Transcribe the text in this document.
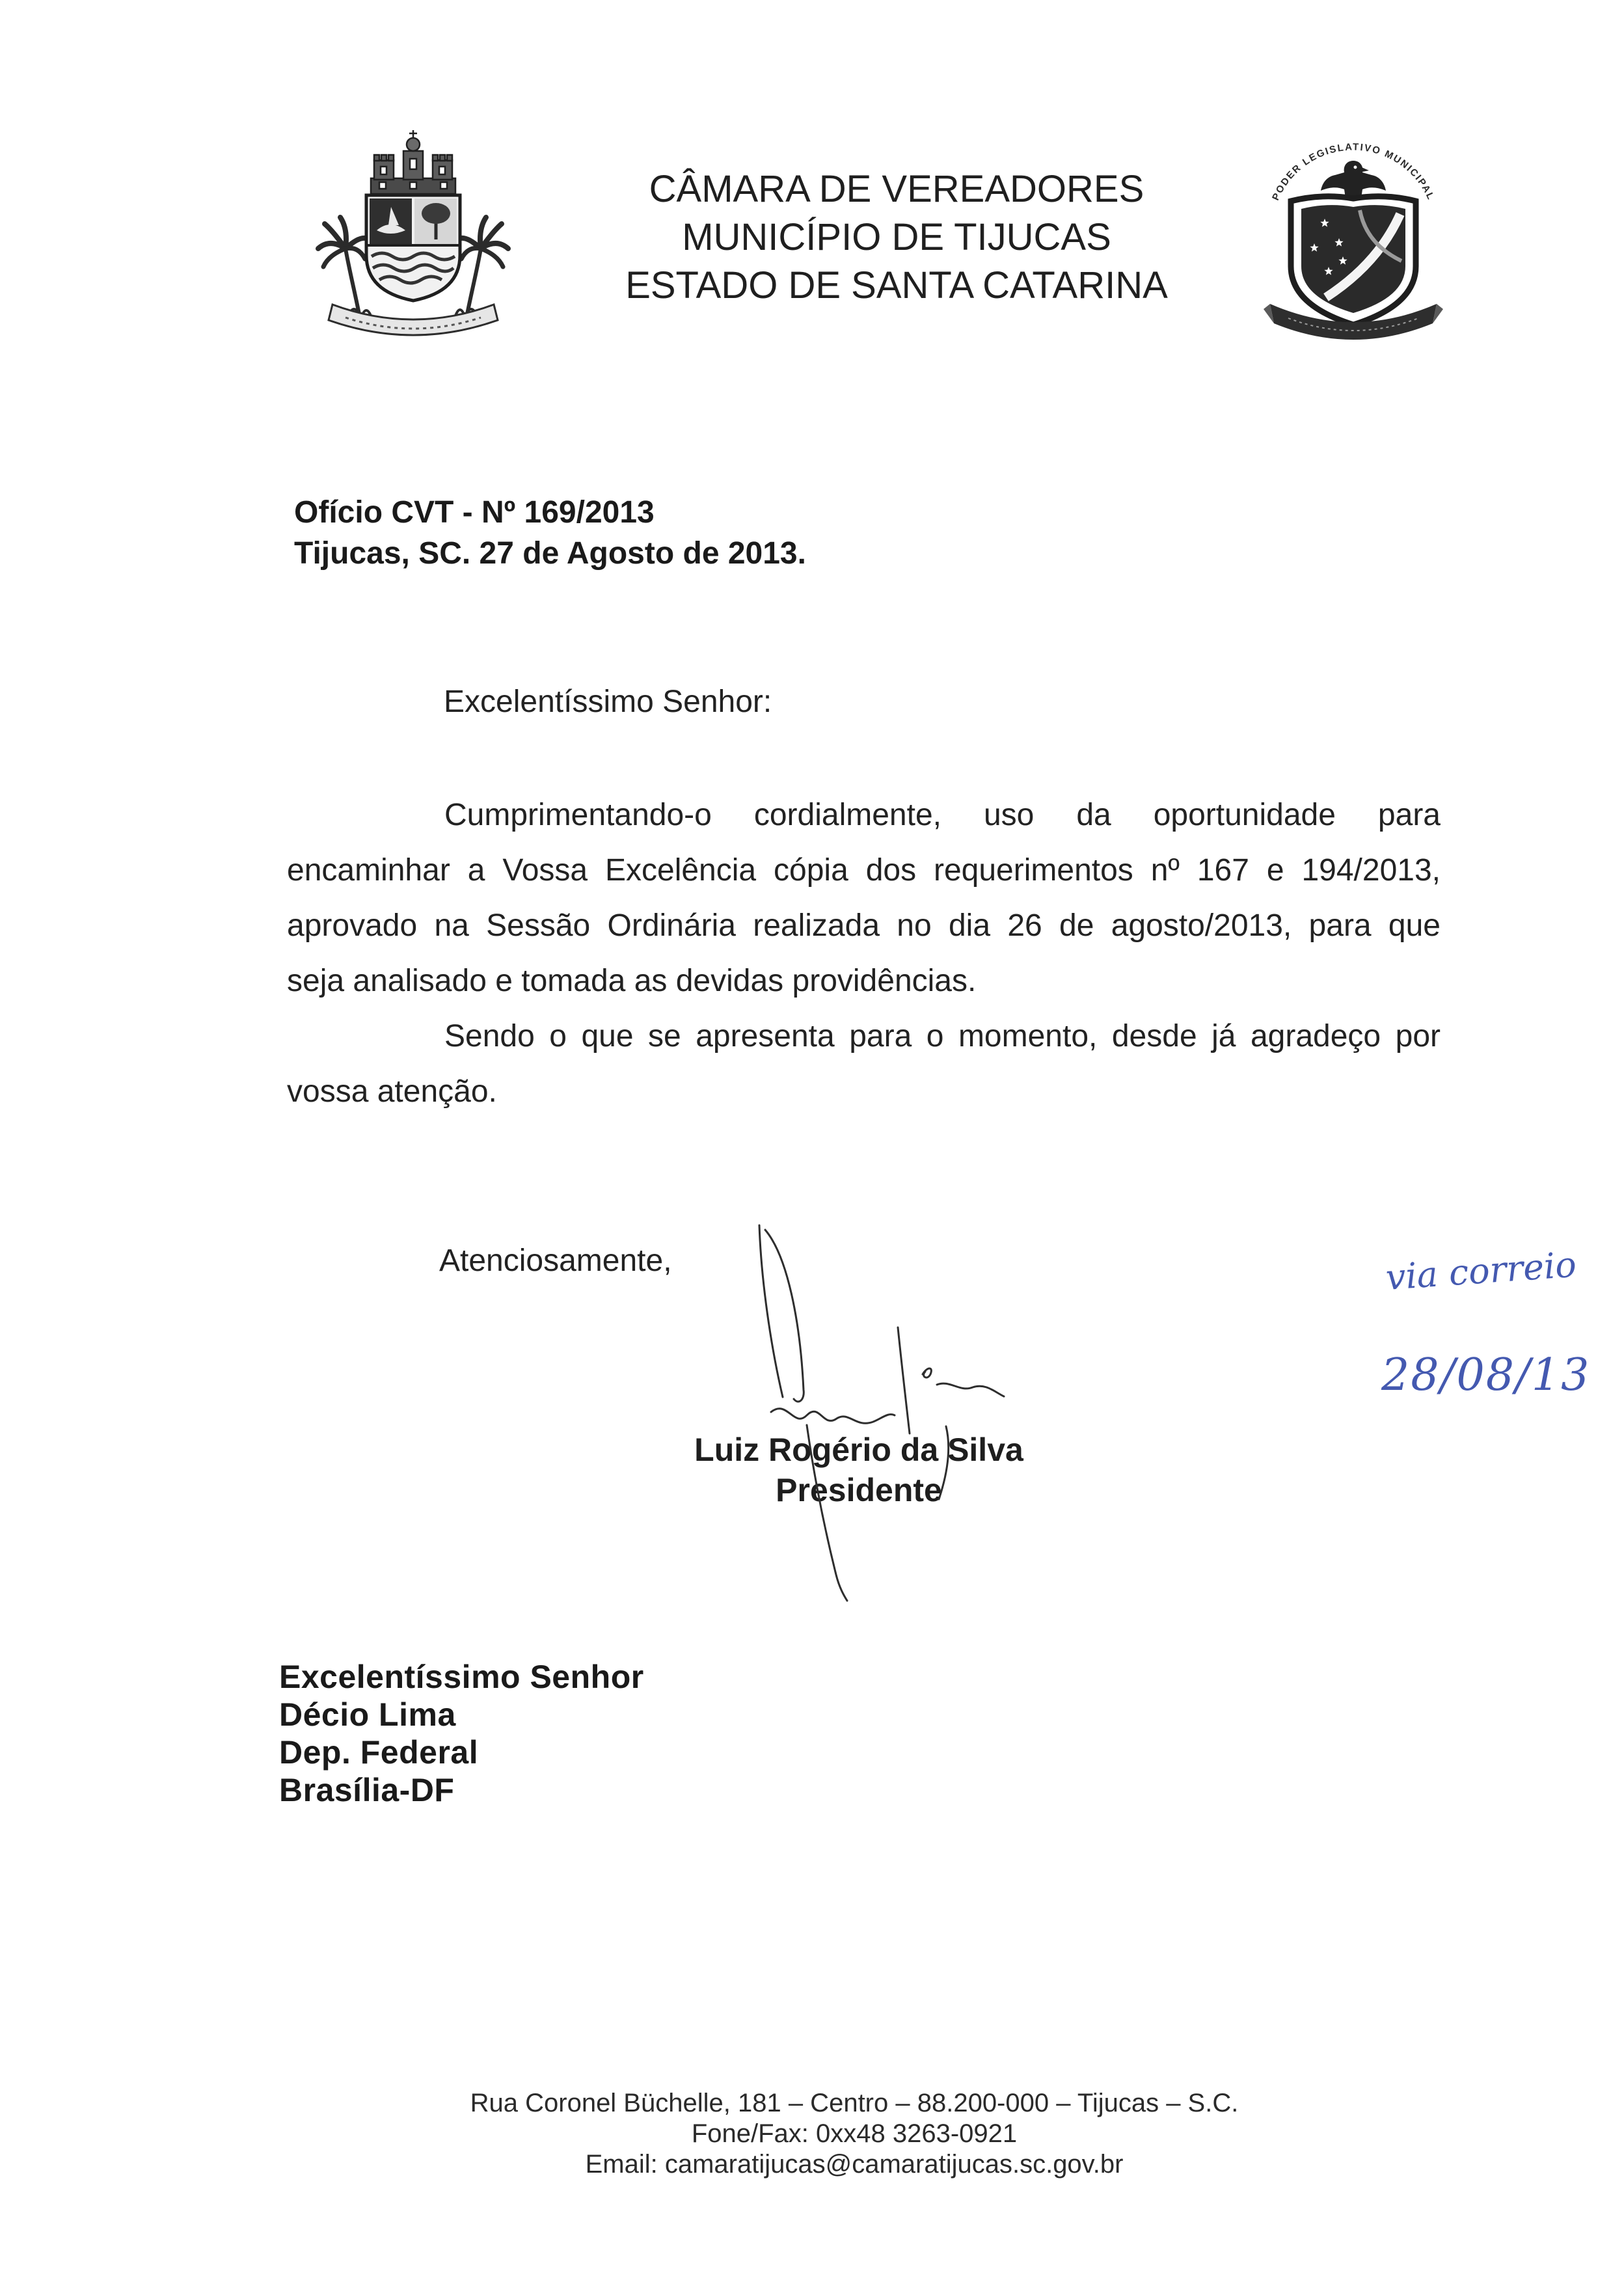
CÂMARA DE VEREADORES
MUNICÍPIO DE TIJUCAS
ESTADO DE SANTA CATARINA
PODER LEGISLATIVO MUNICIPAL
Ofício CVT - Nº 169/2013
Tijucas, SC. 27 de Agosto de 2013.
Excelentíssimo Senhor:
Cumprimentando-o cordialmente, uso da oportunidade para
encaminhar a Vossa Excelência cópia dos requerimentos nº 167 e 194/2013,
aprovado na Sessão Ordinária realizada no dia 26 de agosto/2013, para que
seja analisado e tomada as devidas providências.
Sendo o que se apresenta para o momento, desde já agradeço por
vossa atenção.
Atenciosamente,
Luiz Rogério da Silva
Presidente
via correio
28/08/13
Excelentíssimo Senhor
Décio Lima
Dep. Federal
Brasília-DF
Rua Coronel Büchelle, 181 – Centro – 88.200-000 – Tijucas – S.C.
Fone/Fax: 0xx48 3263-0921
Email: camaratijucas@camaratijucas.sc.gov.br
